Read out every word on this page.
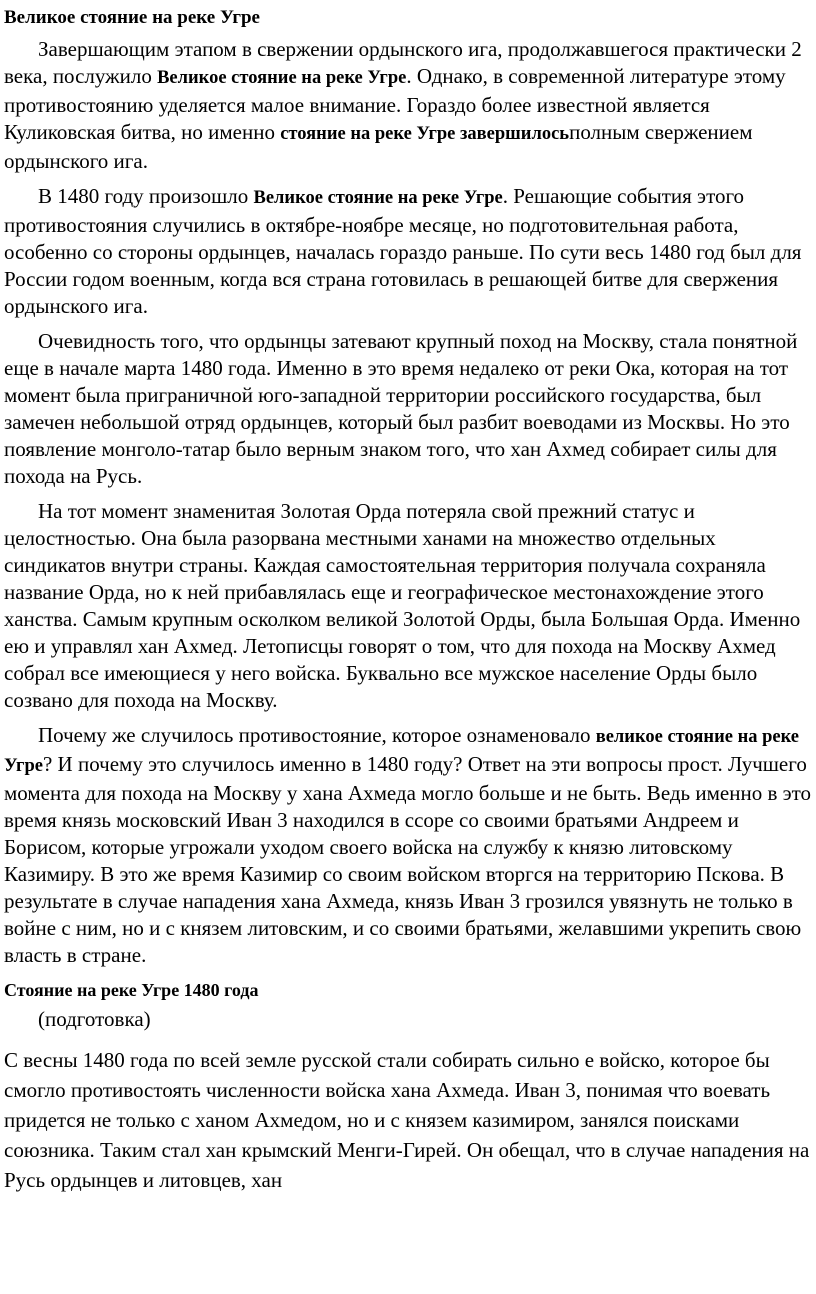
Великое стояние на реке Угре

Завершающим этапом в свержении ордынского ига, продолжавшегося практически 2 века, послужило Великое стояние на реке Угре. Однако, в современной литературе этому противостоянию уделяется малое внимание. Гораздо более известной является Куликовская битва, но именно стояние на реке Угре завершилосьполным свержением ордынского ига.

В 1480 году произошло Великое стояние на реке Угре. Решающие события этого противостояния случились в октябре-ноябре месяце, но подготовительная работа, особенно со стороны ордынцев, началась гораздо раньше. По сути весь 1480 год был для России годом военным, когда вся страна готовилась в решающей битве для свержения ордынского ига.

Очевидность того, что ордынцы затевают крупный поход на Москву, стала понятной еще в начале марта 1480 года. Именно в это время недалеко от реки Ока, которая на тот момент была приграничной юго-западной территории российского государства, был замечен небольшой отряд ордынцев, который был разбит воеводами из Москвы. Но это появление монголо-татар было верным знаком того, что хан Ахмед собирает силы для похода на Русь.

На тот момент знаменитая Золотая Орда потеряла свой прежний статус и целостностью. Она была разорвана местными ханами на множество отдельных синдикатов внутри страны. Каждая самостоятельная территория получала сохраняла название Орда, но к ней прибавлялась еще и географическое местонахождение этого ханства. Самым крупным осколком великой Золотой Орды, была Большая Орда. Именно ею и управлял хан Ахмед. Летописцы говорят о том, что для похода на Москву Ахмед собрал все имеющиеся у него войска. Буквально все мужское население Орды было созвано для похода на Москву.

Почему же случилось противостояние, которое ознаменовало великое стояние на реке Угре? И почему это случилось именно в 1480 году? Ответ на эти вопросы прост. Лучшего момента для похода на Москву у хана Ахмеда могло больше и не быть. Ведь именно в это время князь московский Иван 3 находился в ссоре со своими братьями Андреем и Борисом, которые угрожали уходом своего войска на службу к князю литовскому Казимиру. В это же время Казимир со своим войском вторгся на территорию Пскова. В результате в случае нападения хана Ахмеда, князь Иван 3 грозился увязнуть не только в войне с ним, но и с князем литовским, и со своими братьями, желавшими укрепить свою власть в стране.

Стояние на реке Угре 1480 года
(подготовка)

С весны 1480 года по всей земле русской стали собирать сильно е войско, которое бы смогло противостоять численности войска хана Ахмеда. Иван 3, понимая что воевать придется не только с ханом Ахмедом, но и с князем казимиром, занялся поисками союзника. Таким стал хан крымский Менги-Гирей. Он обещал, что в случае нападения на Русь ордынцев и литовцев, хан
